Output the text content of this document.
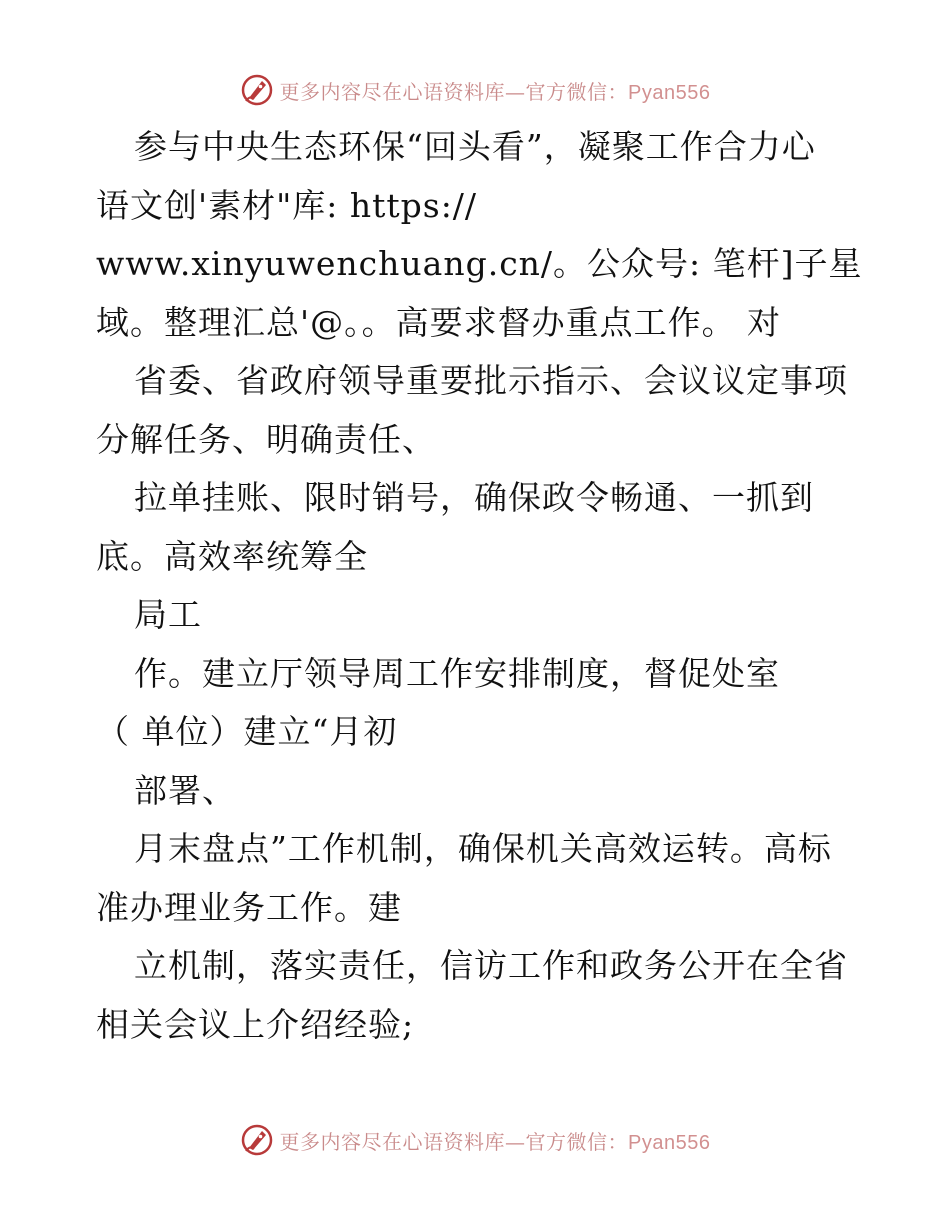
更多内容尽在心语资料库—官方微信：Pyan556
参与中央生态环保“回头看”，凝聚工作合力心
语文创'素材"库: https://
www.xinyuwenchuang.cn/。公众号: 笔杆]子星
域。整理汇总'@。。高要求督办重点工作。 对
省委、省政府领导重要批示指示、会议议定事项
分解任务、明确责任、
拉单挂账、限时销号，确保政令畅通、一抓到
底。高效率统筹全
局工
作。建立厅领导周工作安排制度，督促处室
（ 单位）建立“月初
部署、
月末盘点”工作机制，确保机关高效运转。高标
准办理业务工作。建
立机制，落实责任，信访工作和政务公开在全省
相关会议上介绍经验;
更多内容尽在心语资料库—官方微信：Pyan556
